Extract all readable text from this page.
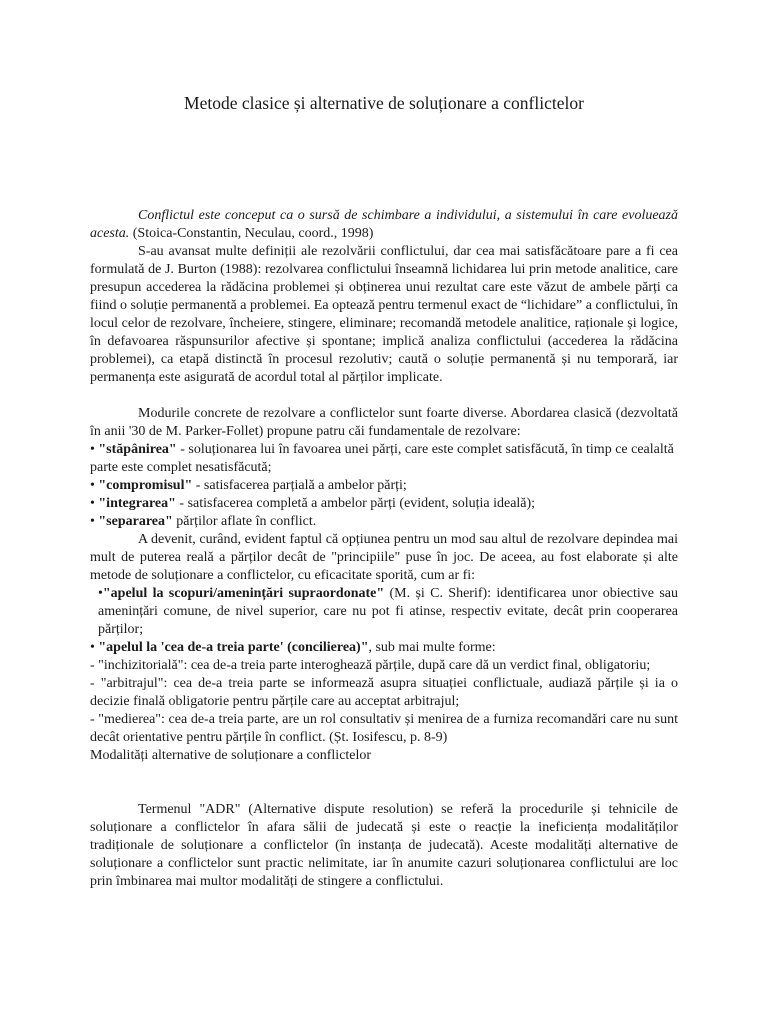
Metode clasice și alternative de soluționare a conflictelor

Conflictul este conceput ca o sursă de schimbare a individului, a sistemului în care evoluează acesta. (Stoica-Constantin, Neculau, coord., 1998)

S-au avansat multe definiții ale rezolvării conflictului, dar cea mai satisfăcătoare pare a fi cea formulată de J. Burton (1988): rezolvarea conflictului înseamnă lichidarea lui prin metode analitice, care presupun accederea la rădăcina problemei și obținerea unui rezultat care este văzut de ambele părți ca fiind o soluție permanentă a problemei. Ea optează pentru termenul exact de “lichidare” a conflictului, în locul celor de rezolvare, încheiere, stingere, eliminare; recomandă metodele analitice, raționale și logice, în defavoarea răspunsurilor afective și spontane; implică analiza conflictului (accederea la rădăcina problemei), ca etapă distinctă în procesul rezolutiv; caută o soluție permanentă și nu temporară, iar permanența este asigurată de acordul total al părților implicate.

Modurile concrete de rezolvare a conflictelor sunt foarte diverse. Abordarea clasică (dezvoltată în anii '30 de M. Parker-Follet) propune patru căi fundamentale de rezolvare:

• "stăpânirea" - soluționarea lui în favoarea unei părți, care este complet satisfăcută, în timp ce cealaltă parte este complet nesatisfăcută;

• "compromisul" - satisfacerea parțială a ambelor părți;

• "integrarea" - satisfacerea completă a ambelor părți (evident, soluția ideală);

• "separarea" părților aflate în conflict.

A devenit, curând, evident faptul că opțiunea pentru un mod sau altul de rezolvare depindea mai mult de puterea reală a părților decât de "principiile" puse în joc. De aceea, au fost elaborate și alte metode de soluționare a conflictelor, cu eficacitate sporită, cum ar fi:

•"apelul la scopuri/amenințări supraordonate" (M. și C. Sherif): identificarea unor obiective sau amenințări comune, de nivel superior, care nu pot fi atinse, respectiv evitate, decât prin cooperarea părților;

• "apelul la 'cea de-a treia parte' (concilierea)", sub mai multe forme:

- "inchizitorială": cea de-a treia parte interoghează părțile, după care dă un verdict final, obligatoriu;

- "arbitrajul": cea de-a treia parte se informează asupra situației conflictuale, audiază părțile și ia o decizie finală obligatorie pentru părțile care au acceptat arbitrajul;

- "medierea": cea de-a treia parte, are un rol consultativ și menirea de a furniza recomandări care nu sunt decât orientative pentru părțile în conflict. (Șt. Iosifescu, p. 8-9)

Modalități alternative de soluționare a conflictelor

Termenul "ADR" (Alternative dispute resolution) se referă la procedurile și tehnicile de soluționare a conflictelor în afara sălii de judecată și este o reacție la ineficiența modalităților tradiționale de soluționare a conflictelor (în instanța de judecată). Aceste modalități alternative de soluționare a conflictelor sunt practic nelimitate, iar în anumite cazuri soluționarea conflictului are loc prin îmbinarea mai multor modalități de stingere a conflictului.
